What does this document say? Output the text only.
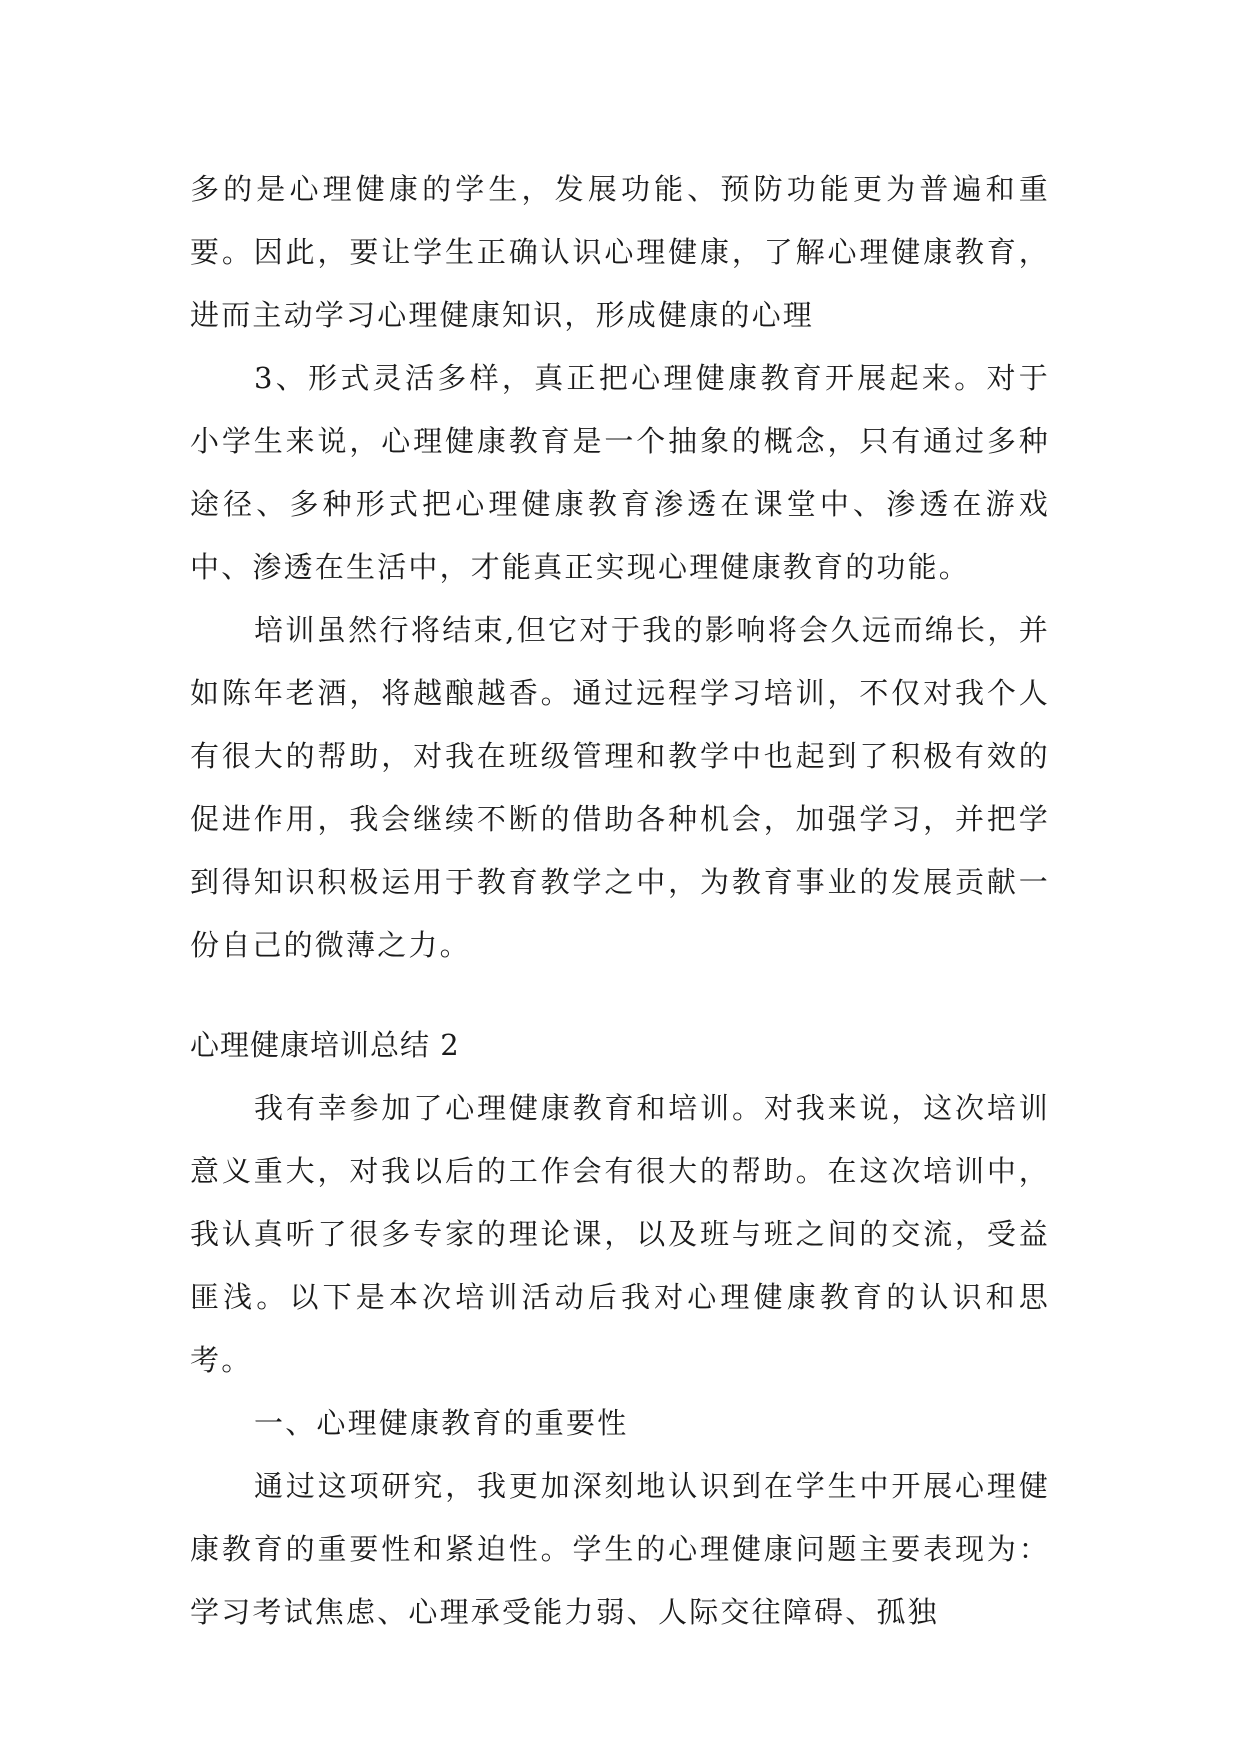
多的是心理健康的学生，发展功能、预防功能更为普遍和重要。因此，要让学生正确认识心理健康，了解心理健康教育，进而主动学习心理健康知识，形成健康的心理

3、形式灵活多样，真正把心理健康教育开展起来。对于小学生来说，心理健康教育是一个抽象的概念，只有通过多种途径、多种形式把心理健康教育渗透在课堂中、渗透在游戏中、渗透在生活中，才能真正实现心理健康教育的功能。

培训虽然行将结束,但它对于我的影响将会久远而绵长，并如陈年老酒，将越酿越香。通过远程学习培训，不仅对我个人有很大的帮助，对我在班级管理和教学中也起到了积极有效的促进作用，我会继续不断的借助各种机会，加强学习，并把学到得知识积极运用于教育教学之中，为教育事业的发展贡献一份自己的微薄之力。

心理健康培训总结 2

我有幸参加了心理健康教育和培训。对我来说，这次培训意义重大，对我以后的工作会有很大的帮助。在这次培训中，我认真听了很多专家的理论课，以及班与班之间的交流，受益匪浅。以下是本次培训活动后我对心理健康教育的认识和思考。

一、心理健康教育的重要性

通过这项研究，我更加深刻地认识到在学生中开展心理健康教育的重要性和紧迫性。学生的心理健康问题主要表现为：学习考试焦虑、心理承受能力弱、人际交往障碍、孤独
